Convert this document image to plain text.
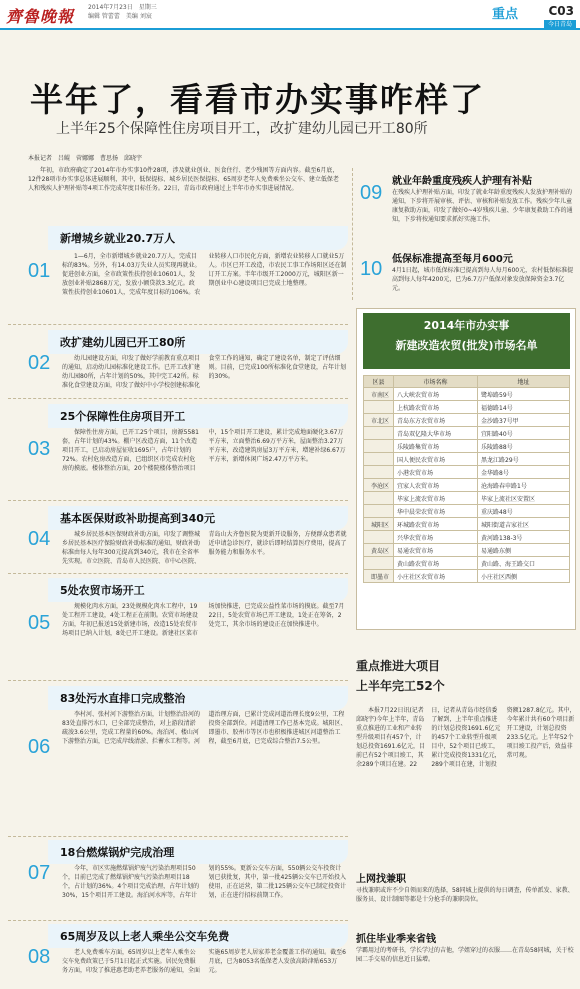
齊魯晚報 2014年7月23日　星期三
编辑 管蕾蕾　美编 刘宸	重点	C03
今日青岛
半年了，看看市办实事咋样了
上半年25个保障性住房项目开工，改扩建幼儿园已开工80所
本报记者　吕鲲　菅娜娜　曹思扬　邱晓宇
年初，市政府确定了2014年市办实事10件28项，涉及就业创业、医食住行、老少残困等方面内容。截至6月底，12件28项市办实事总体进展顺利，其中，低保提标、城乡居民医保提标、65周岁老年人免费乘坐公交车、建立低保老人和残疾人护理补贴等4项工作完成年度目标任务。22日，青岛市政府通过上半年市办实事进展情况。
01
新增城乡就业20.7万人
1—6月，全市新增城乡就业20.7万人，完成目标的83%。另外，有14.03万失业人员实现再就业。促进创业方面，全市政策性扶持创业10601人，发放创业补贴2868万元，发放小额贷款3.3亿元。政策性扶持创业10601人，完成年度目标的106%。农业转移人口市民化方面，新增农业转移人口就业5万人。市区已开工改造，市农民工事工作场阳区还在制订开工方案。半年市级开工2000万元，城阳区新一期创业中心建设项目已完成土地整理。
02
改扩建幼儿园已开工80所
幼儿园建设方面，印发了做好学前教育重点项目的通知，启动幼儿园标准化建设工作。已开工改扩建幼儿园80所，占年计划的50%，其中完工42所。标准化食堂建设方面，印发了做好中小学校创建标准化食堂工作的通知，确定了建设名单，制定了评估细则。目前，已完成100所标准化食堂建设，占年计划的30%。
03
25个保障性住房项目开工
保障性住房方面，已开工25个项目，房源5581套，占年计划的43%。棚户区改造方面，11个改造项目开工，已启动房屋征收1695户，占年计划的72%。农村危房改造方面，已组织区市完成农村危房的摸底。楼体整治方面，20个楼院楼体整治项目中，15个项目开工建设，累计完成地面硬化3.67万平方米，立面整治6.69万平方米，屋面整治3.27万平方米，改造建筑房屋3万平方米，增建补绿6.67万平方米，新增休闲广场2.47万平方米。
04
基本医保财政补助提高到340元
城乡居民基本医保财政补助方面，印发了调整城乡居民基本医疗保险财政补助标准的通知，财政补助标准由每人每年300元提高到340元，我市在全省率先实现。市立医院、青岛市人民医院、市中心医院、青岛山大齐鲁医院为更新开设服务，方便群众患者就近申请急诊医疗，就诊后即时结算医疗费用，提高了服务能力和服务水平。
05
5处农贸市场开工
规模化肉水方面，23处规模化肉水工程中，19处工程开工建设，4处工程正在前期。农贸市场建设方面，年初已报送15处新建市场，改造15处农贸市场项目已纳入计划，8处已开工建设。新建社区菜市场加快推进，已完成公益性菜市场的摸底。截至7月22日，5处农贸市场已开工建设，1处正在筹备，2处完工，其余市场的建设正在加快推进中。
06
83处污水直排口完成整治
李村河、张村河下游整治方面，计划整治沿河的83处直排污水口，已全部完成整治，对上游段清淤疏浚3.6公里，完成工程量的60%。海泊河、楼山河下游整治方面，已完成岸线清淤、拦蓄水工程等。河道治理方面，已累计完成河道治理长度9公里，工程投资全部到位。河道清理工作已基本完成。城阳区、即墨市、胶州市等区市也积极推进城区河道整治工程，截至6月底，已完成综合整治7.5公里。
07
18台燃煤锅炉完成治理
今年，市区实施燃煤锅炉废气污染治理项目50个，目前已完成了燃煤锅炉废气污染治理项目18个，占计划的36%。4个项目完成治理，占年计划的30%，15个项目开工建设。海泊河水库等，占年计划的55%。更新公交车方面，550辆公交车投资计划已获批复，其中，第一批425辆公交车已开始投入使用，正在运营，第二批125辆公交车已制定投资计划，正在进行招标前期工作。
08
65周岁及以上老人乘坐公交车免费
老人免费乘车方面，65周岁以上老年人乘坐公交车免费政策已于5月1日起正式实施。居民免费服务方面，印发了推进惠老助老养老服务的通知，全面实施65周岁老人居家养老金覆盖工作的通知。截至6月底，已为8053名低保老人发放高龄津贴653万元。
09
就业年龄重度残疾人护理有补贴
在残疾人护理补贴方面，印发了就业年龄重度残疾人发放护理补贴的通知，下步将开展审核、评估、审核和补贴发放工作。残疾少年儿童康复救助方面，印发了做好0~4岁残疾儿童、少年康复救助工作的通知，下步将按通知要求抓好实施工作。
10 低保标准提高至每月600元
4月1日起，城市低保标准已提高到每人每月600元，农村低保标准提高到每人每年4200元，已为6.7万户低保对象发放保障资金3.7亿元。
2014年市办实事
新建改造农贸(批发)市场名单
区县	市场名称	地址
市南区	八大峡农贸市场	鹭埠路59号
	上杭路农贸市场	福德路14号
市北区	青岛东方农贸市场	金沙路37号甲
	青岛双亿隆大华市场	宜阳路40号
	乐陵路集贸市场	乐陵路88号
	国人便民农贸市场	黑龙江路29号
	小港农贸市场	金华路8号
李沧区	宜家人农贸市场	沧海路春申路1号
	毕家上流农贸市场	毕家上流社区安置区
	华中晨荣农贸市场	重庆路48号
城阳区	环城路农贸市场	城阳街道吉家社区
	兴华农贸市场	黄河路138-3号
黄岛区	易通农贸市场	易通路东侧
	黄山路农贸市场	黄山路、海王路交口
即墨市	小庄社区农贸市场	小庄社区西侧
重点推进大项目
上半年完工52个
本报7月22日讯(记者 邱晓宇)今年上半年，青岛重点推进的工业和产业转型升级项目有457个，计划总投资1691.6亿元，目前已有52个项目竣工，其余289个项目在建。22日，记者从青岛市经信委了解到，上半年重点推进的计划总投资1691.6亿元的457个工业转型升级项目中，52个项目已竣工，累计完成投资1331亿元，289个项目在建，计划投资额1287.8亿元。其中，今年累计共有60个项目新开工建设，计划总投资233.5亿元。上半年52个项目竣工投产后，效益非常可观。
上网找兼职
寻找兼职或许不少自领而来的选择，58同城上提供的每日调查，传单派发、家教、服务员、设计制图等都是十分抢手的兼职岗位。
抓住毕业季来省钱
学霸用过的考研书，学长学过的吉他，学姐穿过的衣服……在青岛58同城，关于校园二手交易的信息近日猛增。
